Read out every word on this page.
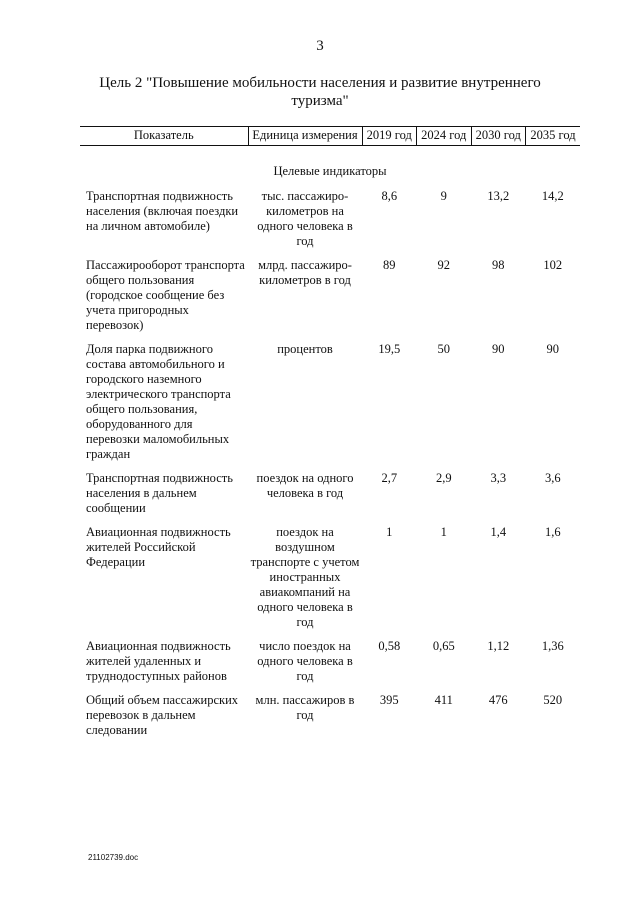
3
Цель 2 "Повышение мобильности населения и развитие внутреннего туризма"
Показатель	Единица измерения	2019 год	2024 год	2030 год	2035 год
Целевые индикаторы					
Транспортная подвижность населения (включая поездки на личном автомобиле)	тыс. пассажиро-километров на одного человека в год	8,6	9	13,2	14,2
Пассажирооборот транспорта общего пользования (городское сообщение без учета пригородных перевозок)	млрд. пассажиро-километров в год	89	92	98	102
Доля парка подвижного состава автомобильного и городского наземного электрического транспорта общего пользования, оборудованного для перевозки маломобильных граждан	процентов	19,5	50	90	90
Транспортная подвижность населения в дальнем сообщении	поездок на одного человека в год	2,7	2,9	3,3	3,6
Авиационная подвижность жителей Российской Федерации	поездок на воздушном транспорте с учетом иностранных авиакомпаний на одного человека в год	1	1	1,4	1,6
Авиационная подвижность жителей удаленных и труднодоступных районов	число поездок на одного человека в год	0,58	0,65	1,12	1,36
Общий объем пассажирских перевозок в дальнем следовании	млн. пассажиров в год	395	411	476	520
21102739.doc
